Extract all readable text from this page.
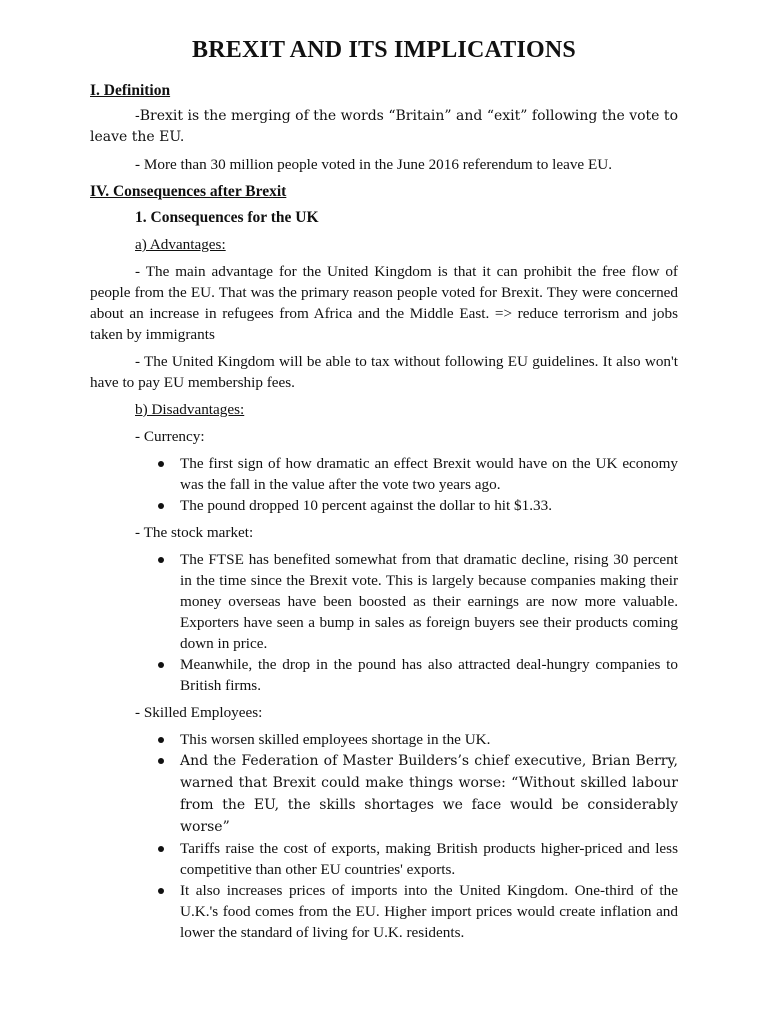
BREXIT AND ITS IMPLICATIONS
I. Definition

-Brexit is the merging of the words “Britain” and “exit” following the vote to leave the EU.

- More than 30 million people voted in the June 2016 referendum to leave EU.

IV. Consequences after Brexit
1. Consequences for the UK
a) Advantages:

- The main advantage for the United Kingdom is that it can prohibit the free flow of people from the EU. That was the primary reason people voted for Brexit. They were concerned about an increase in refugees from Africa and the Middle East. => reduce terrorism and jobs taken by immigrants

- The United Kingdom will be able to tax without following EU guidelines. It also won't have to pay EU membership fees.

b) Disadvantages:
- Currency:
The first sign of how dramatic an effect Brexit would have on the UK economy was the fall in the value after the vote two years ago.
The pound dropped 10 percent against the dollar to hit $1.33.
- The stock market:
The FTSE has benefited somewhat from that dramatic decline, rising 30 percent in the time since the Brexit vote. This is largely because companies making their money overseas have been boosted as their earnings are now more valuable. Exporters have seen a bump in sales as foreign buyers see their products coming down in price.
Meanwhile, the drop in the pound has also attracted deal-hungry companies to British firms.
- Skilled Employees:
This worsen skilled employees shortage in the UK.
And the Federation of Master Builders’s chief executive, Brian Berry, warned that Brexit could make things worse: “Without skilled labour from the EU, the skills shortages we face would be considerably worse”
Tariffs raise the cost of exports, making British products higher-priced and less competitive than other EU countries' exports.
It also increases prices of imports into the United Kingdom. One-third of the U.K.'s food comes from the EU. Higher import prices would create inflation and lower the standard of living for U.K. residents.
